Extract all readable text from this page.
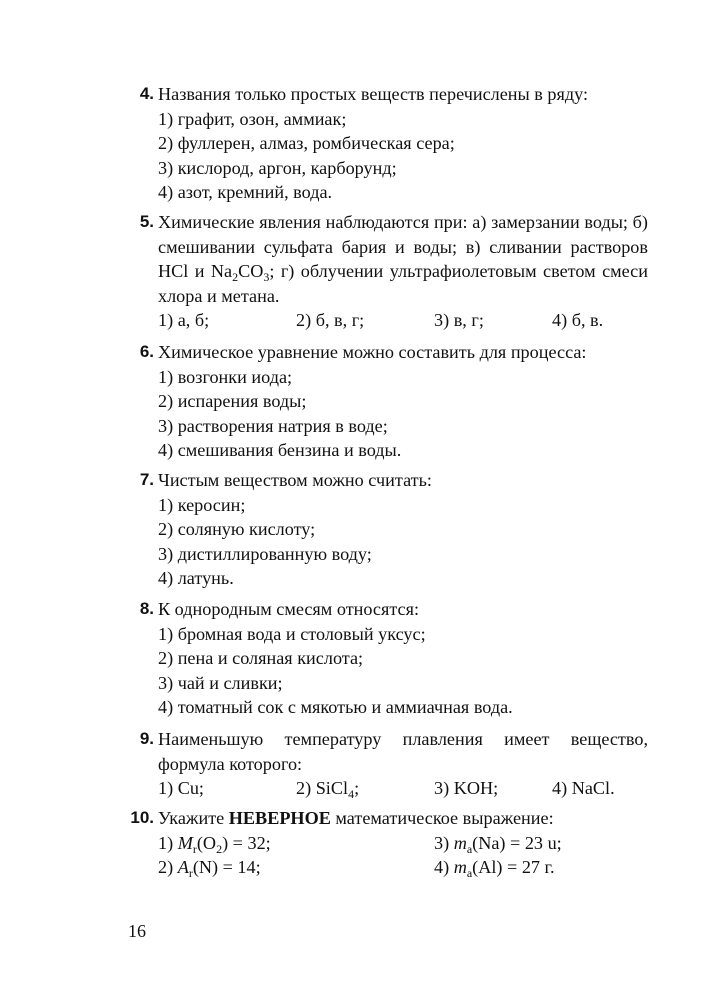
4. Названия только простых веществ перечислены в ряду:
1) графит, озон, аммиак;
2) фуллерен, алмаз, ромбическая сера;
3) кислород, аргон, карборунд;
4) азот, кремний, вода.
5. Химические явления наблюдаются при: а) замерзании воды; б) смешивании сульфата бария и воды; в) сливании растворов HCl и $Na_2CO_3$; г) облучении ультрафиолетовым светом смеси хлора и метана.
1) а, б;	2) б, в, г;	3) в, г;	4) б, в.
6. Химическое уравнение можно составить для процесса:
1) возгонки иода;
2) испарения воды;
3) растворения натрия в воде;
4) смешивания бензина и воды.
7. Чистым веществом можно считать:
1) керосин;
2) соляную кислоту;
3) дистиллированную воду;
4) латунь.
8. К однородным смесям относятся:
1) бромная вода и столовый уксус;
2) пена и соляная кислота;
3) чай и сливки;
4) томатный сок с мякотью и аммиачная вода.
9. Наименьшую температуру плавления имеет вещество, формула которого:
1) Cu;	2) SiCl$_4$;	3) KOH;	4) NaCl.
10. Укажите НЕВЕРНОЕ математическое выражение:
1) $M_r(O_2) = 32$;	3) $m_a(Na) = 23$ u;
2) $A_r(N) = 14$;	4) $m_a(Al) = 27$ г.
16
